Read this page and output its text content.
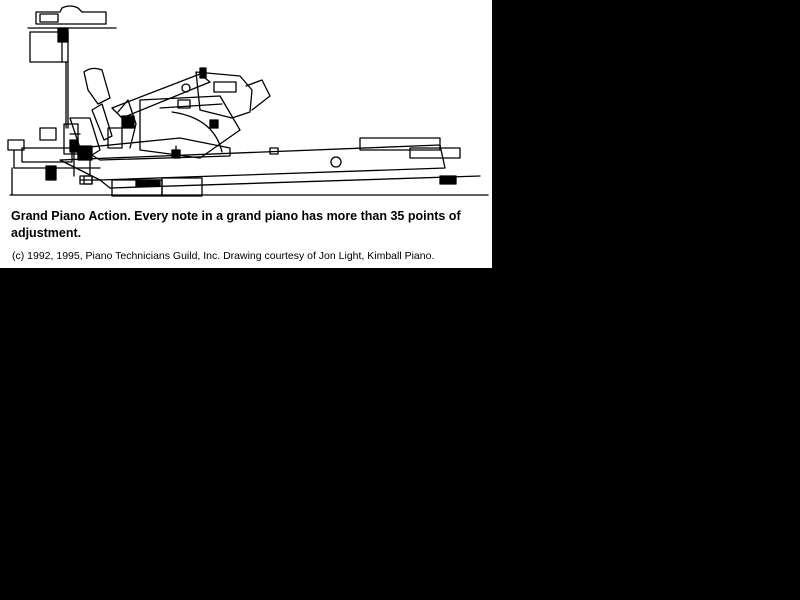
Grand Piano Action. Every note in a grand piano has more than 35 points of adjustment.
(c) 1992, 1995, Piano Technicians Guild, Inc. Drawing courtesy of Jon Light, Kimball Piano.
